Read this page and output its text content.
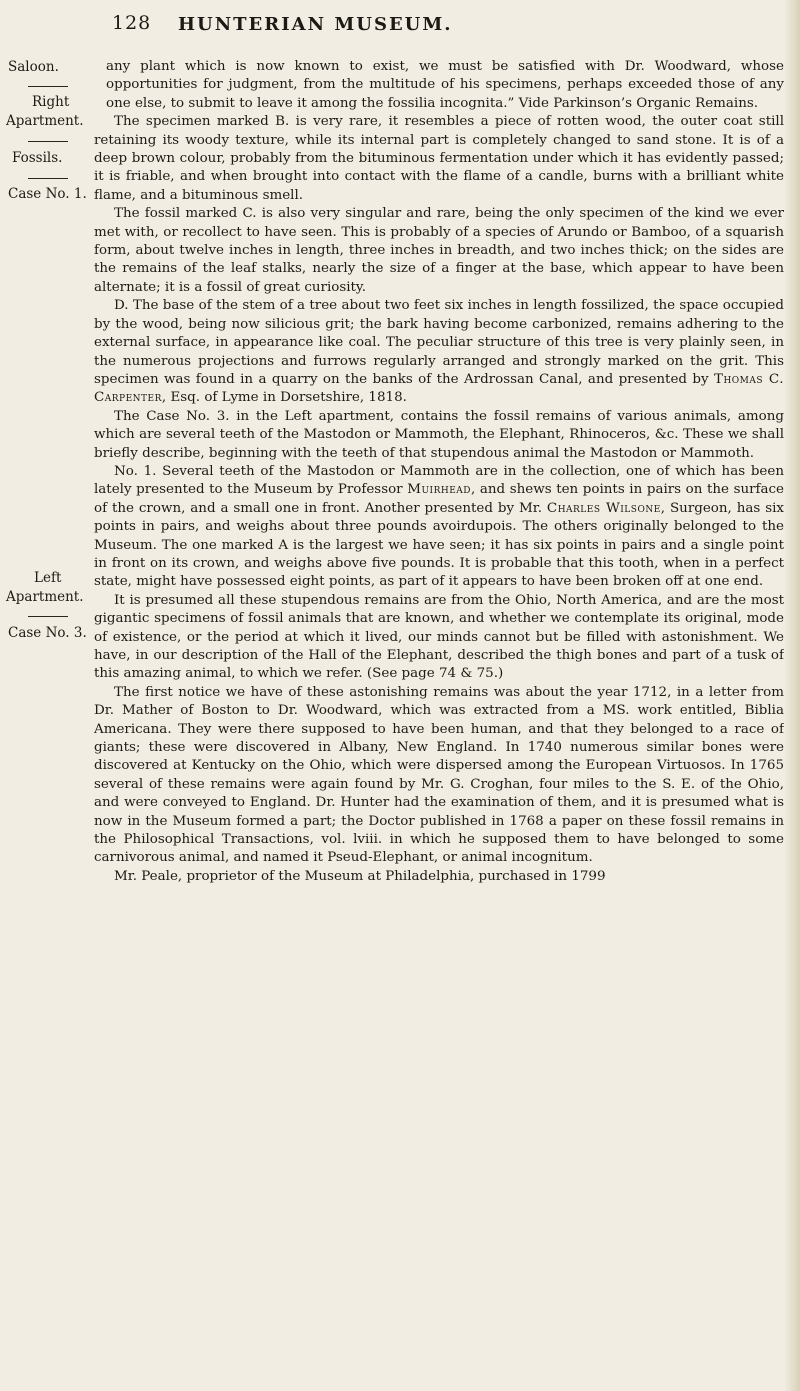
128 HUNTERIAN MUSEUM.
Saloon.
Right
Apartment.
Fossils.
Case No. 1.
Left
Apartment.
Case No. 3.

any plant which is now known to exist, we must be satisfied with Dr. Woodward, whose opportunities for judgment, from the multitude of his specimens, perhaps exceeded those of any one else, to submit to leave it among the fossilia incognita.” Vide Parkinson’s Organic Remains.

The specimen marked B. is very rare, it resembles a piece of rotten wood, the outer coat still retaining its woody texture, while its internal part is completely changed to sand stone. It is of a deep brown colour, probably from the bituminous fermentation under which it has evidently passed; it is friable, and when brought into contact with the flame of a candle, burns with a brilliant white flame, and a bituminous smell.

The fossil marked C. is also very singular and rare, being the only specimen of the kind we ever met with, or recollect to have seen. This is probably of a species of Arundo or Bamboo, of a squarish form, about twelve inches in length, three inches in breadth, and two inches thick; on the sides are the remains of the leaf stalks, nearly the size of a finger at the base, which appear to have been alternate; it is a fossil of great curiosity.

D. The base of the stem of a tree about two feet six inches in length fossilized, the space occupied by the wood, being now silicious grit; the bark having become carbonized, remains adhering to the external surface, in appearance like coal. The peculiar structure of this tree is very plainly seen, in the numerous projections and furrows regularly arranged and strongly marked on the grit. This specimen was found in a quarry on the banks of the Ardrossan Canal, and presented by Thomas C. Carpenter, Esq. of Lyme in Dorsetshire, 1818.

The Case No. 3. in the Left apartment, contains the fossil remains of various animals, among which are several teeth of the Mastodon or Mammoth, the Elephant, Rhinoceros, &c. These we shall briefly describe, beginning with the teeth of that stupendous animal the Mastodon or Mammoth.

No. 1. Several teeth of the Mastodon or Mammoth are in the collection, one of which has been lately presented to the Museum by Professor Muirhead, and shews ten points in pairs on the surface of the crown, and a small one in front. Another presented by Mr. Charles Wilsone, Surgeon, has six points in pairs, and weighs about three pounds avoirdupois. The others originally belonged to the Museum. The one marked A is the largest we have seen; it has six points in pairs and a single point in front on its crown, and weighs above five pounds. It is probable that this tooth, when in a perfect state, might have possessed eight points, as part of it appears to have been broken off at one end.

It is presumed all these stupendous remains are from the Ohio, North America, and are the most gigantic specimens of fossil animals that are known, and whether we contemplate its original, mode of existence, or the period at which it lived, our minds cannot but be filled with astonishment. We have, in our description of the Hall of the Elephant, described the thigh bones and part of a tusk of this amazing animal, to which we refer. (See page 74 & 75.)

The first notice we have of these astonishing remains was about the year 1712, in a letter from Dr. Mather of Boston to Dr. Woodward, which was extracted from a MS. work entitled, Biblia Americana. They were there supposed to have been human, and that they belonged to a race of giants; these were discovered in Albany, New England. In 1740 numerous similar bones were discovered at Kentucky on the Ohio, which were dispersed among the European Virtuosos. In 1765 several of these remains were again found by Mr. G. Croghan, four miles to the S. E. of the Ohio, and were conveyed to England. Dr. Hunter had the examination of them, and it is presumed what is now in the Museum formed a part; the Doctor published in 1768 a paper on these fossil remains in the Philosophical Transactions, vol. lviii. in which he supposed them to have belonged to some carnivorous animal, and named it Pseud-Elephant, or animal incognitum.

Mr. Peale, proprietor of the Museum at Philadelphia, purchased in 1799
